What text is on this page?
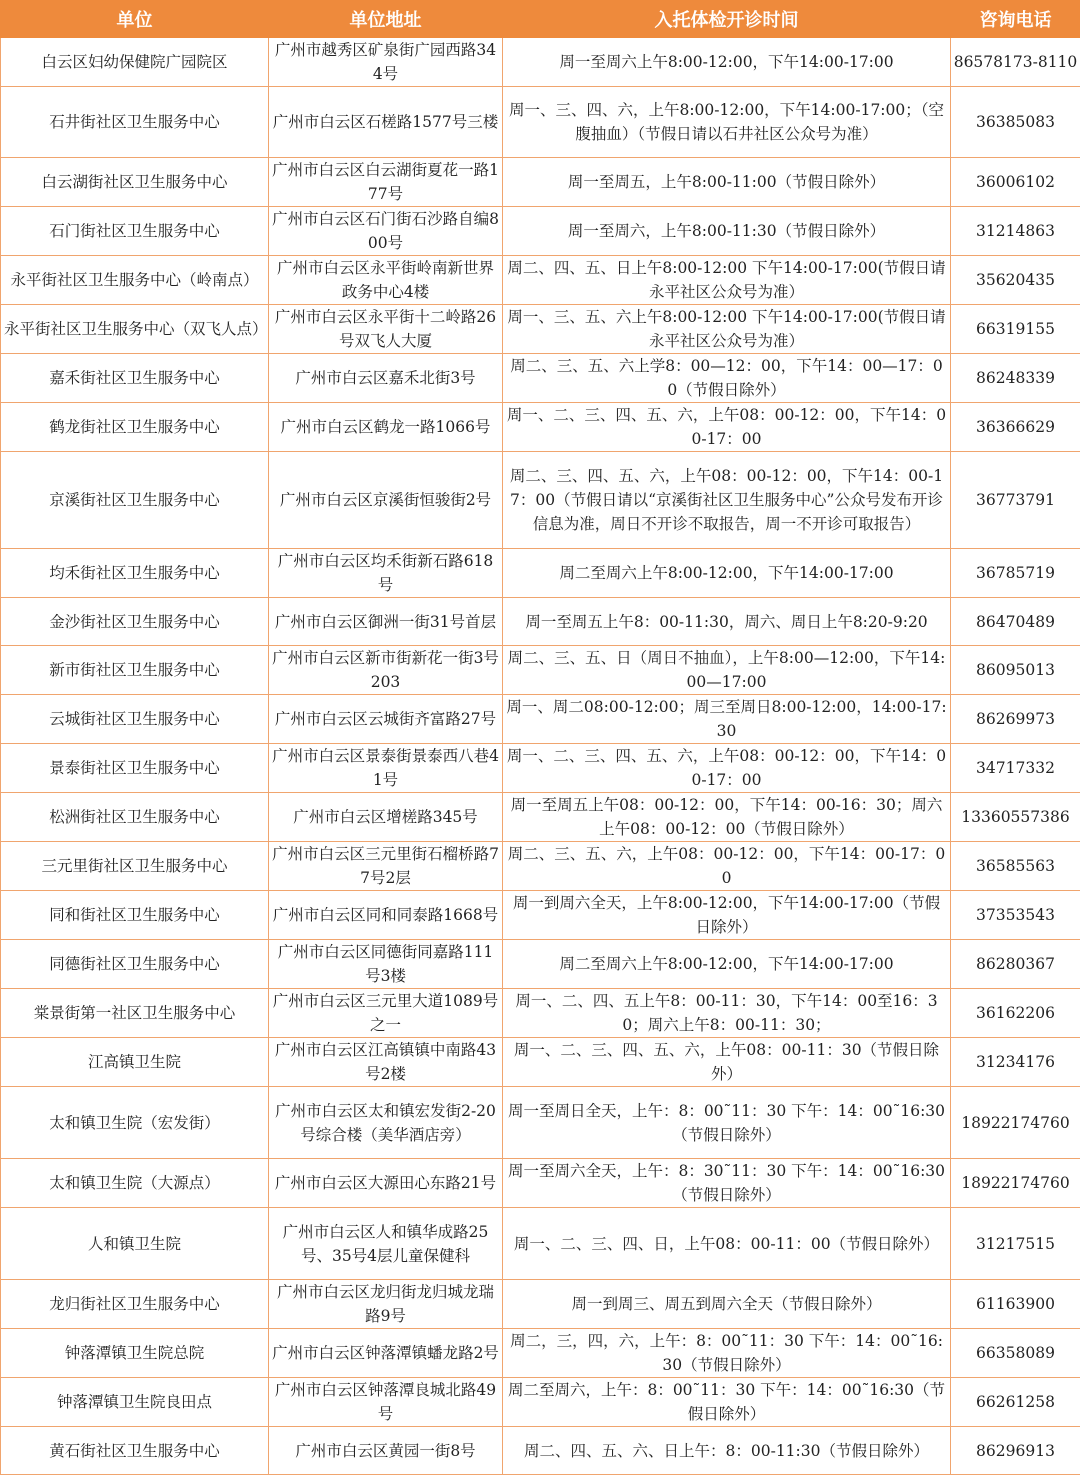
单位	单位地址	入托体检开诊时间	咨询电话
白云区妇幼保健院广园院区	广州市越秀区矿泉街广园西路344号	周一至周六上午8:00-12:00，下午14:00-17:00	86578173-8110
石井街社区卫生服务中心	广州市白云区石槎路1577号三楼	周一、三、四、六，上午8:00-12:00，下午14:00-17:00；（空腹抽血）（节假日请以石井社区公众号为准）	36385083
白云湖街社区卫生服务中心	广州市白云区白云湖街夏花一路177号	周一至周五，上午8:00-11:00（节假日除外）	36006102
石门街社区卫生服务中心	广州市白云区石门街石沙路自编800号	周一至周六，上午8:00-11:30（节假日除外）	31214863
永平街社区卫生服务中心（岭南点）	广州市白云区永平街岭南新世界政务中心4楼	周二、四、五、日上午8:00-12:00 下午14:00-17:00(节假日请永平社区公众号为准）	35620435
永平街社区卫生服务中心（双飞人点）	广州市白云区永平街十二岭路26号双飞人大厦	周一、三、五、六上午8:00-12:00 下午14:00-17:00(节假日请永平社区公众号为准）	66319155
嘉禾街社区卫生服务中心	广州市白云区嘉禾北街3号	周二、三、五、六上学8：00—12：00，下午14：00—17：00（节假日除外）	86248339
鹤龙街社区卫生服务中心	广州市白云区鹤龙一路1066号	周一、二、三、四、五、六，上午08：00-12：00，下午14：00-17：00	36366629
京溪街社区卫生服务中心	广州市白云区京溪街恒骏街2号	周二、三、四、五、六，上午08：00-12：00，下午14：00-17：00（节假日请以“京溪街社区卫生服务中心”公众号发布开诊信息为准，周日不开诊不取报告，周一不开诊可取报告）	36773791
均禾街社区卫生服务中心	广州市白云区均禾街新石路618号	周二至周六上午8:00-12:00，下午14:00-17:00	36785719
金沙街社区卫生服务中心	广州市白云区御洲一街31号首层	周一至周五上午8：00-11:30，周六、周日上午8:20-9:20	86470489
新市街社区卫生服务中心	广州市白云区新市街新花一街3号203	周二、三、五、日（周日不抽血），上午8:00—12:00，下午14:00—17:00	86095013
云城街社区卫生服务中心	广州市白云区云城街齐富路27号	周一、周二08:00-12:00；周三至周日8:00-12:00，14:00-17:30	86269973
景泰街社区卫生服务中心	广州市白云区景泰街景泰西八巷41号	周一、二、三、四、五、六，上午08：00-12：00，下午14：00-17：00	34717332
松洲街社区卫生服务中心	广州市白云区增槎路345号	周一至周五上午08：00-12：00，下午14：00-16：30；周六上午08：00-12：00（节假日除外）	13360557386
三元里街社区卫生服务中心	广州市白云区三元里街石榴桥路77号2层	周二、三、五、六，上午08：00-12：00，下午14：00-17：00	36585563
同和街社区卫生服务中心	广州市白云区同和同泰路1668号	周一到周六全天，上午8:00-12:00，下午14:00-17:00（节假日除外）	37353543
同德街社区卫生服务中心	广州市白云区同德街同嘉路111号3楼	周二至周六上午8:00-12:00，下午14:00-17:00	86280367
棠景街第一社区卫生服务中心	广州市白云区三元里大道1089号之一	周一、二、四、五上午8：00-11：30，下午14：00至16：30；周六上午8：00-11：30；	36162206
江高镇卫生院	广州市白云区江高镇镇中南路43号2楼	周一、二、三、四、五、六，上午08：00-11：30（节假日除外）	31234176
太和镇卫生院（宏发街）	广州市白云区太和镇宏发街2-20号综合楼（美华酒店旁）	周一至周日全天，上午：8：00˜11：30 下午：14：00˜16:30（节假日除外）	18922174760
太和镇卫生院（大源点）	广州市白云区大源田心东路21号	周一至周六全天，上午：8：30˜11：30 下午：14：00˜16:30（节假日除外）	18922174760
人和镇卫生院	广州市白云区人和镇华成路25号、35号4层儿童保健科	周一、二、三、四、日，上午08：00-11：00（节假日除外）	31217515
龙归街社区卫生服务中心	广州市白云区龙归街龙归城龙瑞路9号	周一到周三、周五到周六全天（节假日除外）	61163900
钟落潭镇卫生院总院	广州市白云区钟落潭镇蟠龙路2号	周二，三，四，六，上午：8：00˜11：30 下午：14：00˜16:30（节假日除外）	66358089
钟落潭镇卫生院良田点	广州市白云区钟落潭良城北路49号	周二至周六，上午：8：00˜11：30 下午：14：00˜16:30（节假日除外）	66261258
黄石街社区卫生服务中心	广州市白云区黄园一街8号	周二、四、五、六、日上午：8：00-11:30（节假日除外）	86296913
